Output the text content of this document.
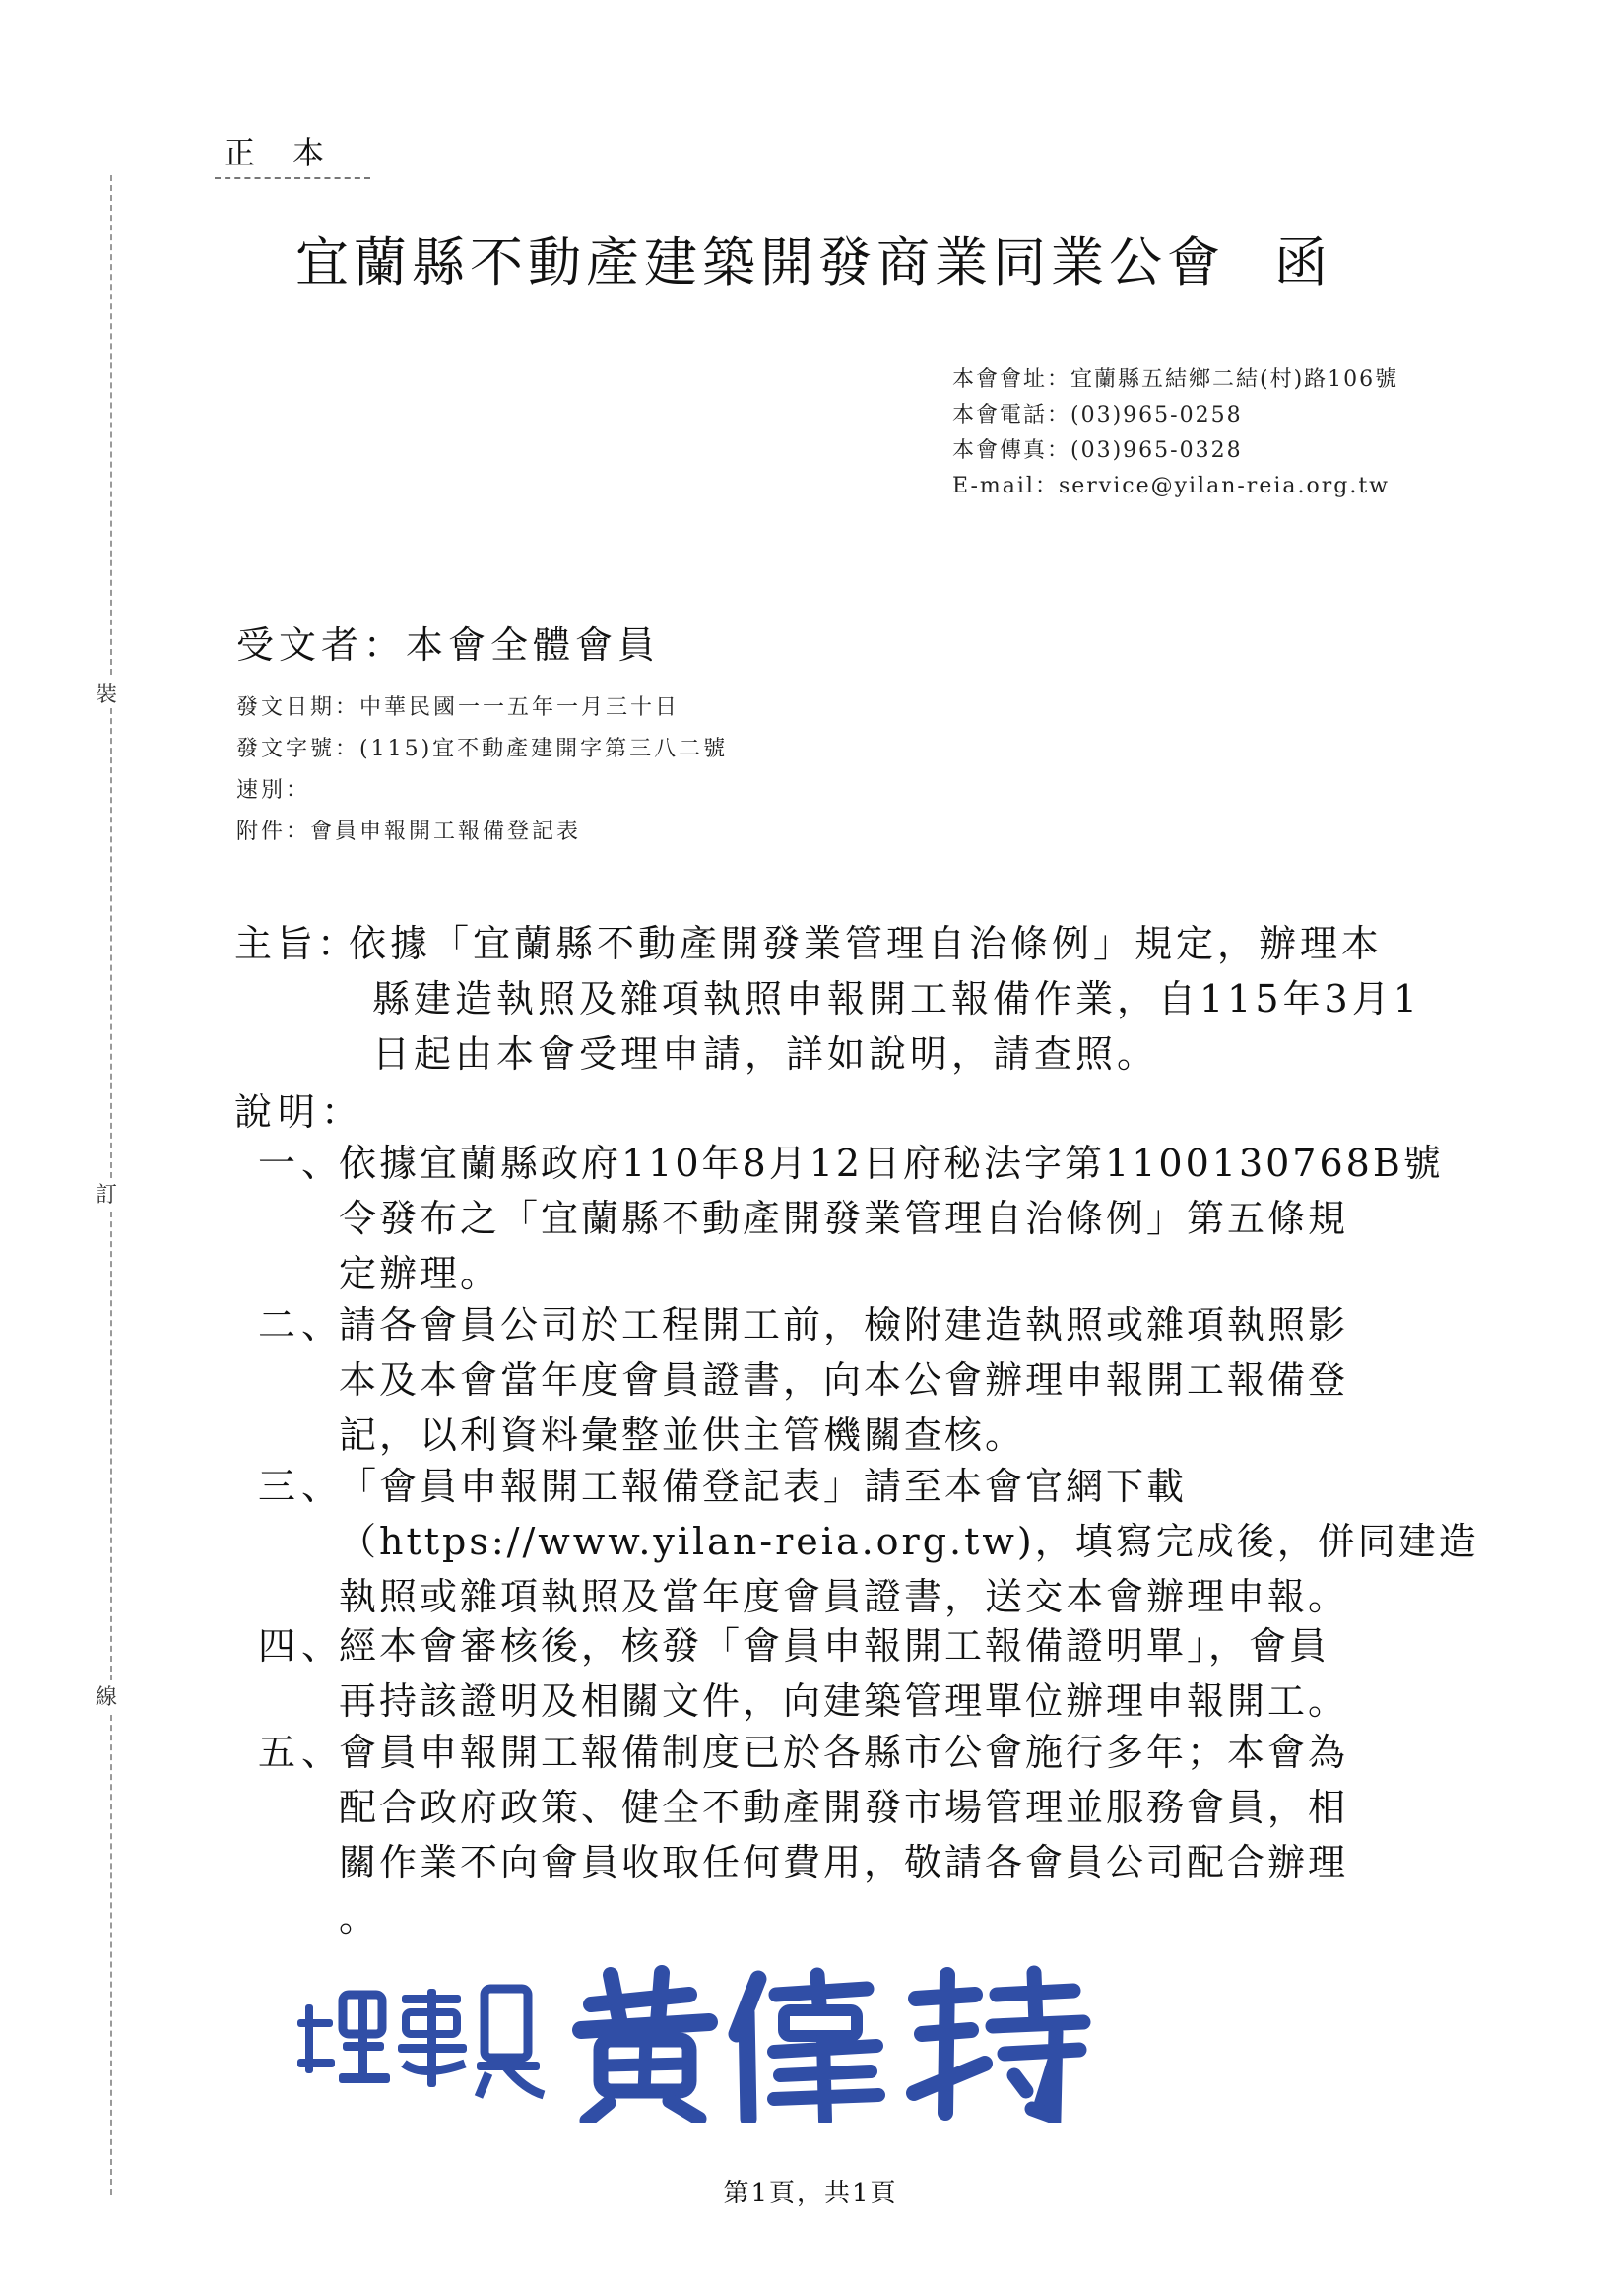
裝
訂
線
正本
宜蘭縣不動產建築開發商業同業公會 函
本會會址：宜蘭縣五結鄉二結(村)路106號
本會電話：(03)965-0258
本會傳真：(03)965-0328
E-mail：service@yilan-reia.org.tw
受文者：本會全體會員
發文日期：中華民國一一五年一月三十日
發文字號：(115)宜不動產建開字第三八二號
速別：
附件：會員申報開工報備登記表
主旨：
依據「宜蘭縣不動產開發業管理自治條例」規定，辦理本
縣建造執照及雜項執照申報開工報備作業，自115年3月1
日起由本會受理申請，詳如說明，請查照。
說明：
一、
依據宜蘭縣政府110年8月12日府秘法字第1100130768B號
令發布之「宜蘭縣不動產開發業管理自治條例」第五條規
定辦理。
二、
請各會員公司於工程開工前，檢附建造執照或雜項執照影
本及本會當年度會員證書，向本公會辦理申報開工報備登
記，以利資料彙整並供主管機關查核。
三、
「會員申報開工報備登記表」請至本會官網下載
（https://www.yilan-reia.org.tw)，填寫完成後，併同建造
執照或雜項執照及當年度會員證書，送交本會辦理申報。
四、
經本會審核後，核發「會員申報開工報備證明單」，會員
再持該證明及相關文件，向建築管理單位辦理申報開工。
五、
會員申報開工報備制度已於各縣市公會施行多年；本會為
配合政府政策、健全不動產開發市場管理並服務會員，相
關作業不向會員收取任何費用，敬請各會員公司配合辦理
。
第1頁，共1頁
